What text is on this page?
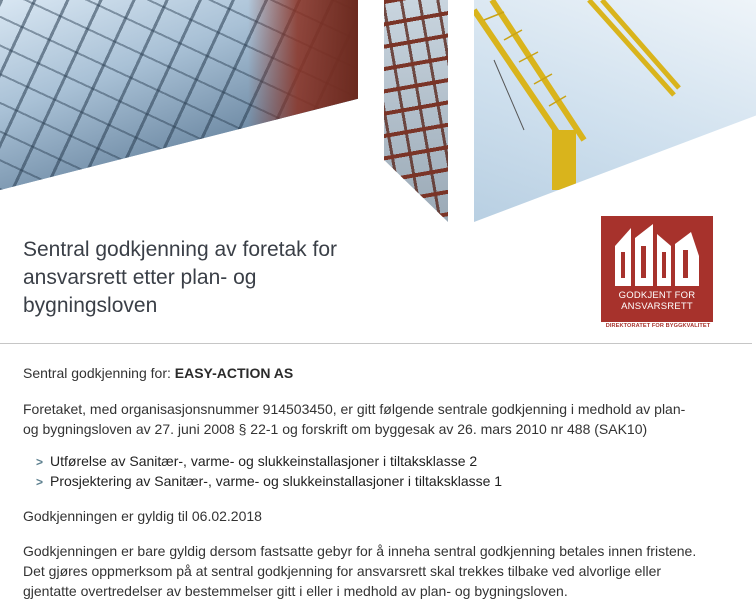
Sentral godkjenning av foretak for
ansvarsrett etter plan- og
bygningsloven	GODKJENT FOR
ANSVARSRETT
DIREKTORATET FOR BYGGKVALITET

Sentral godkjenning for: EASY-ACTION AS

Foretaket, med organisasjonsnummer 914503450, er gitt følgende sentrale godkjenning i medhold av plan-
og bygningsloven av 27. juni 2008 § 22-1 og forskrift om byggesak av 26. mars 2010 nr 488 (SAK10)

> Utførelse av Sanitær-, varme- og slukkeinstallasjoner i tiltaksklasse 2
> Prosjektering av Sanitær-, varme- og slukkeinstallasjoner i tiltaksklasse 1

Godkjenningen er gyldig til 06.02.2018

Godkjenningen er bare gyldig dersom fastsatte gebyr for å inneha sentral godkjenning betales innen fristene.
Det gjøres oppmerksom på at sentral godkjenning for ansvarsrett skal trekkes tilbake ved alvorlige eller
gjentatte overtredelser av bestemmelser gitt i eller i medhold av plan- og bygningsloven.
